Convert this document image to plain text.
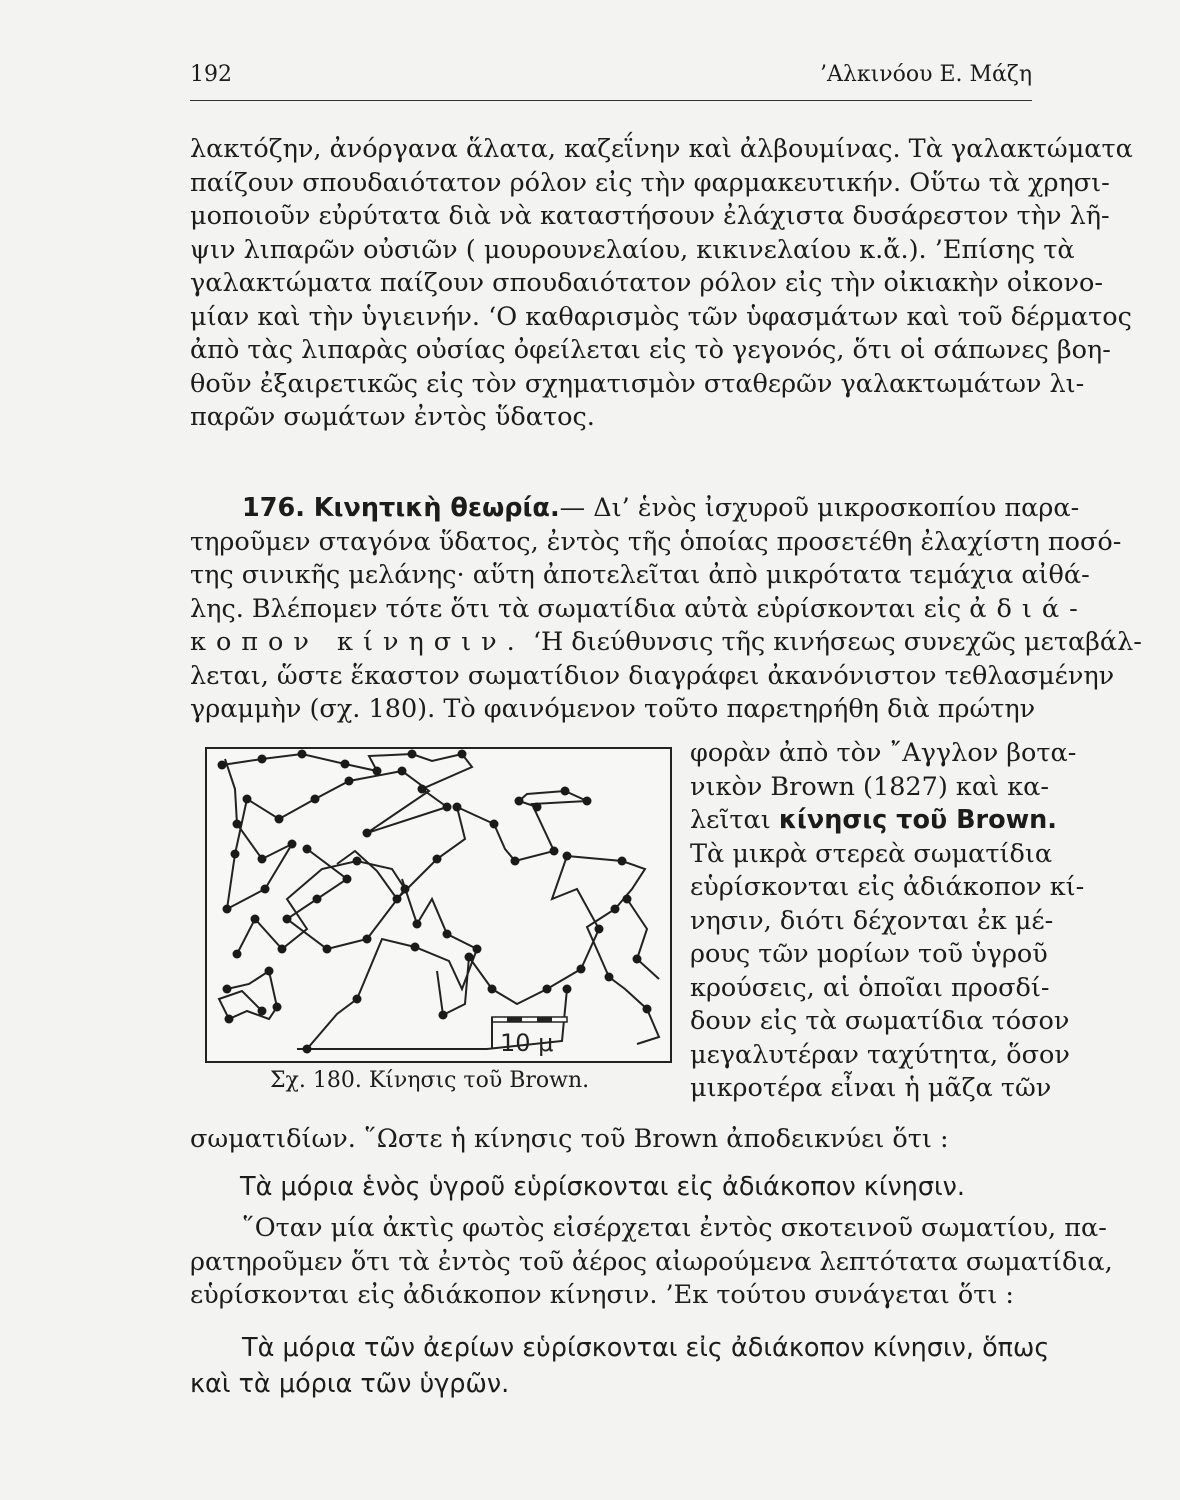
192	’Αλκινόου Ε. Μάζη
λακτόζην, ἀνόργανα ἅλατα, καζεΐνην καὶ ἀλβουμίνας. Τὰ γαλακτώματα
παίζουν σπουδαιότατον ρόλον εἰς τὴν φαρμακευτικήν. Οὕτω τὰ χρησι-
μοποιοῦν εὐρύτατα διὰ νὰ καταστήσουν ἐλάχιστα δυσάρεστον τὴν λῆ-
ψιν λιπαρῶν οὐσιῶν ( μουρουνελαίου, κικινελαίου κ.ἄ.). ’Επίσης τὰ
γαλακτώματα παίζουν σπουδαιότατον ρόλον εἰς τὴν οἰκιακὴν οἰκονο-
μίαν καὶ τὴν ὑγιεινήν. ‘Ο καθαρισμὸς τῶν ὑφασμάτων καὶ τοῦ δέρματος
ἀπὸ τὰς λιπαρὰς οὐσίας ὀφείλεται εἰς τὸ γεγονός, ὅτι οἱ σάπωνες βοη-
θοῦν ἐξαιρετικῶς εἰς τὸν σχηματισμὸν σταθερῶν γαλακτωμάτων λι-
παρῶν σωμάτων ἐντὸς ὕδατος.
176. Κινητικὴ θεωρία.— Δι’ ἑνὸς ἰσχυροῦ μικροσκοπίου παρα-
τηροῦμεν σταγόνα ὕδατος, ἐντὸς τῆς ὁποίας προσετέθη ἐλαχίστη ποσό-
της σινικῆς μελάνης· αὕτη ἀποτελεῖται ἀπὸ μικρότατα τεμάχια αἰθά-
λης. Βλέπομεν τότε ὅτι τὰ σωματίδια αὐτὰ εὑρίσκονται εἰς ἀδιά-
κοπον κίνησιν. ‘Η διεύθυνσις τῆς κινήσεως συνεχῶς μεταβάλ-
λεται, ὥστε ἕκαστον σωματίδιον διαγράφει ἀκανόνιστον τεθλασμένην
γραμμὴν (σχ. 180). Τὸ φαινόμενον τοῦτο παρετηρήθη διὰ πρώτην
10 μ
Σχ. 180. Κίνησις τοῦ Brown.
φορὰν ἀπὸ τὸν ῎Αγγλον βοτα-
νικὸν Brown (1827) καὶ κα-
λεῖται κίνησις τοῦ Brown.
Τὰ μικρὰ στερεὰ σωματίδια
εὑρίσκονται εἰς ἀδιάκοπον κί-
νησιν, διότι δέχονται ἐκ μέ-
ρους τῶν μορίων τοῦ ὑγροῦ
κρούσεις, αἱ ὁποῖαι προσδί-
δουν εἰς τὰ σωματίδια τόσον
μεγαλυτέραν ταχύτητα, ὅσον
μικροτέρα εἶναι ἡ μᾶζα τῶν
σωματιδίων. ῞Ωστε ἡ κίνησις τοῦ Brown ἀποδεικνύει ὅτι :
Τὰ μόρια ἑνὸς ὑγροῦ εὑρίσκονται εἰς ἀδιάκοπον κίνησιν.
῞Οταν μία ἀκτὶς φωτὸς εἰσέρχεται ἐντὸς σκοτεινοῦ σωματίου, πα-
ρατηροῦμεν ὅτι τὰ ἐντὸς τοῦ ἀέρος αἰωρούμενα λεπτότατα σωματίδια,
εὑρίσκονται εἰς ἀδιάκοπον κίνησιν. ’Εκ τούτου συνάγεται ὅτι :
Τὰ μόρια τῶν ἀερίων εὑρίσκονται εἰς ἀδιάκοπον κίνησιν, ὅπως
καὶ τὰ μόρια τῶν ὑγρῶν.
